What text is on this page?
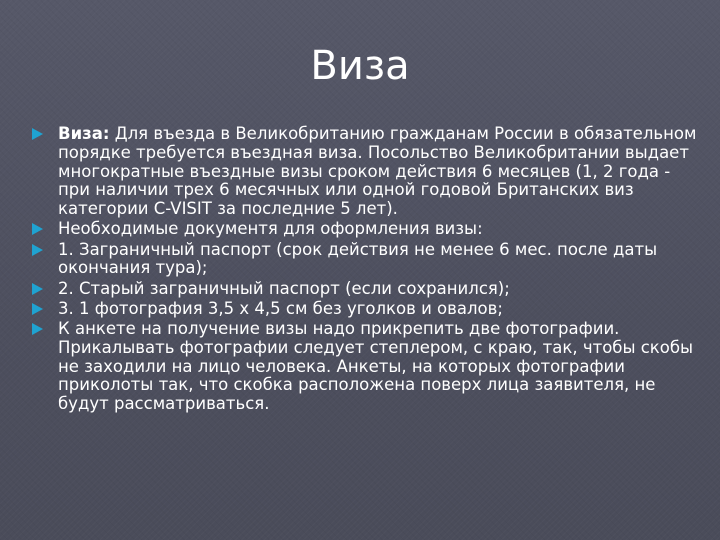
Виза
Виза: Для въезда в Великобританию гражданам России в обязательном порядке требуется въездная виза. Посольство Великобритании выдает многократные въездные визы сроком действия 6 месяцев (1, 2 года - при наличии трех 6 месячных или одной годовой Британских виз категории C-VISIT за последние 5 лет).
Необходимые документя для оформления визы:
1. Заграничный паспорт (срок действия не менее 6 мес. после даты окончания тура);
2. Старый заграничный паспорт (если сохранился);
3. 1 фотография 3,5 х 4,5 см без уголков и овалов;
К анкете на получение визы надо прикрепить две фотографии. Прикалывать фотографии следует степлером, с краю, так, чтобы скобы не заходили на лицо человека. Анкеты, на которых фотографии приколоты так, что скобка расположена поверх лица заявителя, не будут рассматриваться.
